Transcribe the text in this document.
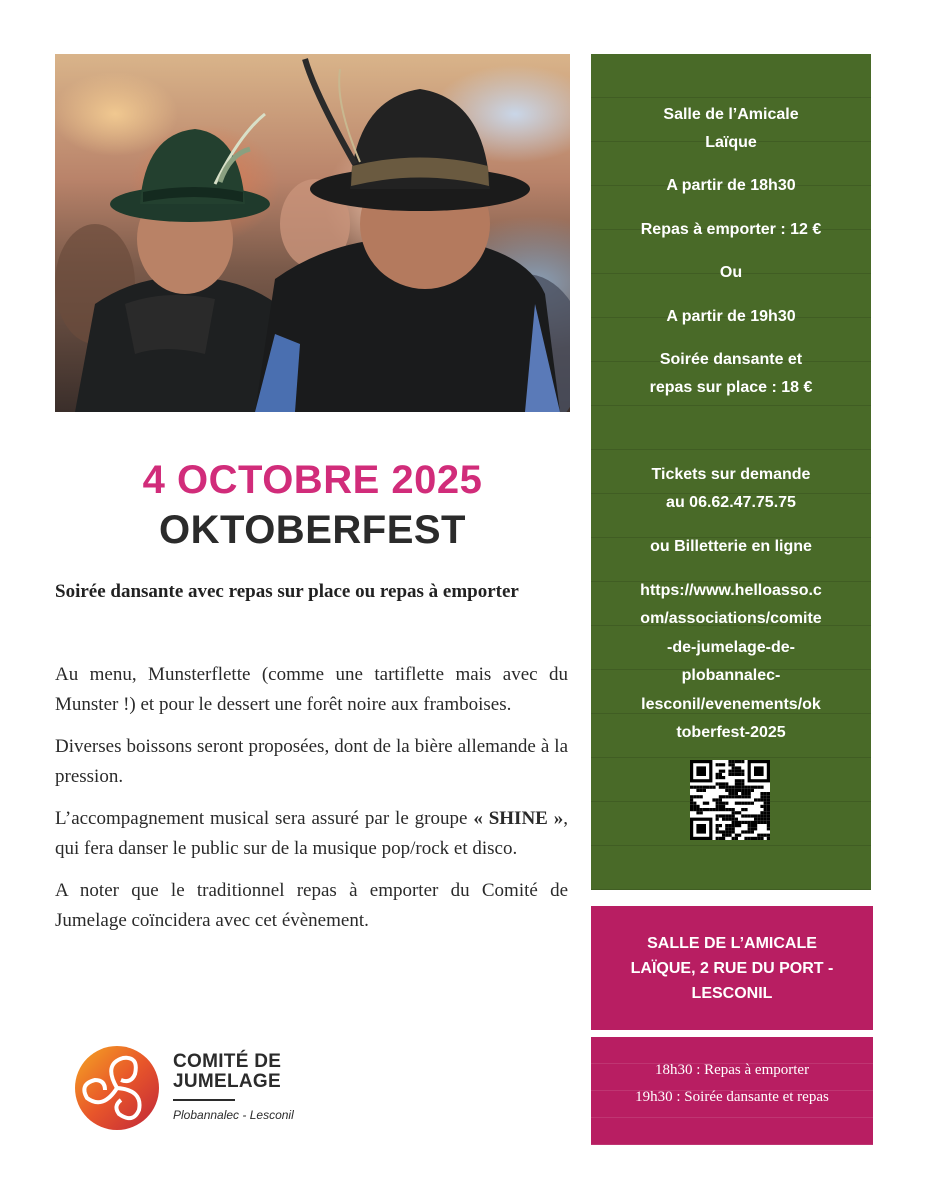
4 OCTOBRE 2025
OKTOBERFEST
Soirée dansante avec repas sur place ou repas à emporter

Au menu, Munsterflette (comme une tartiflette mais avec du Munster !) et pour le dessert une forêt noire aux framboises.

Diverses boissons seront proposées, dont de la bière allemande à la pression.

L’accompagnement musical sera assuré par le groupe « SHINE », qui fera danser le public sur de la musique pop/rock et disco.

A noter que le traditionnel repas à emporter du Comité de Jumelage coïncidera avec cet évènement.

COMITÉ DE
JUMELAGE
Plobannalec - Lesconil
Salle de l’Amicale
Laïque
A partir de 18h30
Repas à emporter : 12 €
Ou
A partir de 19h30
Soirée dansante et
repas sur place : 18 €
Tickets sur demande
au 06.62.47.75.75
ou Billetterie en ligne
https://www.helloasso.c
om/associations/comite
-de-jumelage-de-
plobannalec-
lesconil/evenements/ok
toberfest-2025
SALLE DE L’AMICALE
LAÏQUE, 2 RUE DU PORT -
LESCONIL
18h30 : Repas à emporter
19h30 : Soirée dansante et repas
